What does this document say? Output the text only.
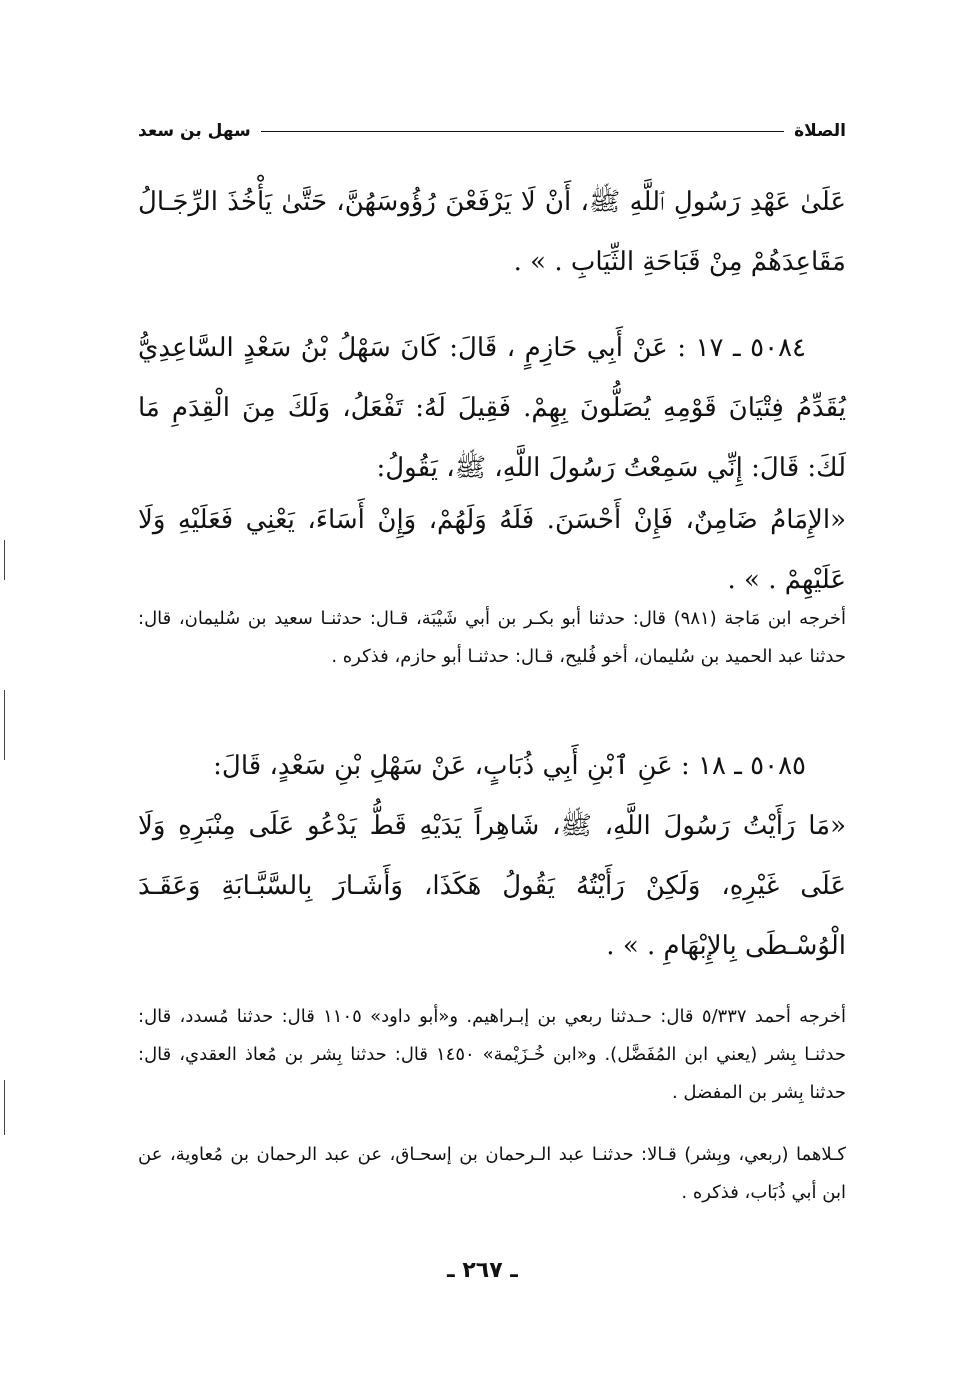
الصلاة
سهل بن سعد
عَلَىٰ عَهْدِ رَسُولِ ٱللَّهِ ﷺ، أَنْ لَا يَرْفَعْنَ رُؤُوسَهُنَّ، حَتَّىٰ يَأْخُذَ الرِّجَـالُ مَقَاعِدَهُمْ مِنْ قَبَاحَةِ الثِّيَابِ . » .
٥٠٨٤ ـ ١٧ : عَنْ أَبِي حَازِمٍ ، قَالَ: كَانَ سَهْلُ بْنُ سَعْدٍ السَّاعِدِيُّ يُقَدِّمُ فِتْيَانَ قَوْمِهِ يُصَلُّونَ بِهِمْ. فَقِيلَ لَهُ: تَفْعَلُ، وَلَكَ مِنَ الْقِدَمِ مَا لَكَ: قَالَ: إِنِّي سَمِعْتُ رَسُولَ اللَّهِ، ﷺ، يَقُولُ:
«الإِمَامُ ضَامِنٌ، فَإِنْ أَحْسَنَ. فَلَهُ وَلَهُمْ، وَإِنْ أَسَاءَ، يَعْنِي فَعَلَيْهِ وَلَا عَلَيْهِمْ . » .
أخرجه ابن مَاجة (٩٨١) قال: حدثنا أبو بكـر بن أبي شَيْبَة، قـال: حدثنـا سعيد بن سُليمان، قال: حدثنا عبد الحميد بن سُليمان، أخو فُليح، قـال: حدثنـا أبو حازم، فذكره .
٥٠٨٥ ـ ١٨ : عَنِ ٱبْنِ أَبِي ذُبَابٍ، عَنْ سَهْلِ بْنِ سَعْدٍ، قَالَ:
«مَا رَأَيْتُ رَسُولَ اللَّهِ، ﷺ، شَاهِراً يَدَيْهِ قَطُّ يَدْعُو عَلَى مِنْبَرِهِ وَلَا عَلَى غَيْرِهِ، وَلَكِنْ رَأَيْتُهُ يَقُولُ هَكَذَا، وَأَشَـارَ بِالسَّبَّـابَةِ وَعَقَـدَ الْوُسْـطَى بِالإِبْهَامِ . » .
أخرجه أحمد ٥/٣٣٧ قال: حـدثنا ربعي بن إبـراهيم. و«أبو داود» ١١٠٥ قال: حدثنا مُسدد، قال: حدثنـا بِشر (يعني ابن المُفَضَّل). و«ابن خُـزَيْمة» ١٤٥٠ قال: حدثنا بِشر بن مُعاذ العقدي، قال: حدثنا بِشر بن المفضل .
كـلاهما (ربعي، وبِشر) قـالا: حدثنـا عبد الـرحمان بن إسحـاق، عن عبد الرحمان بن مُعاوية، عن ابن أبي ذُبَاب، فذكره .
ـ ٢٦٧ ـ
